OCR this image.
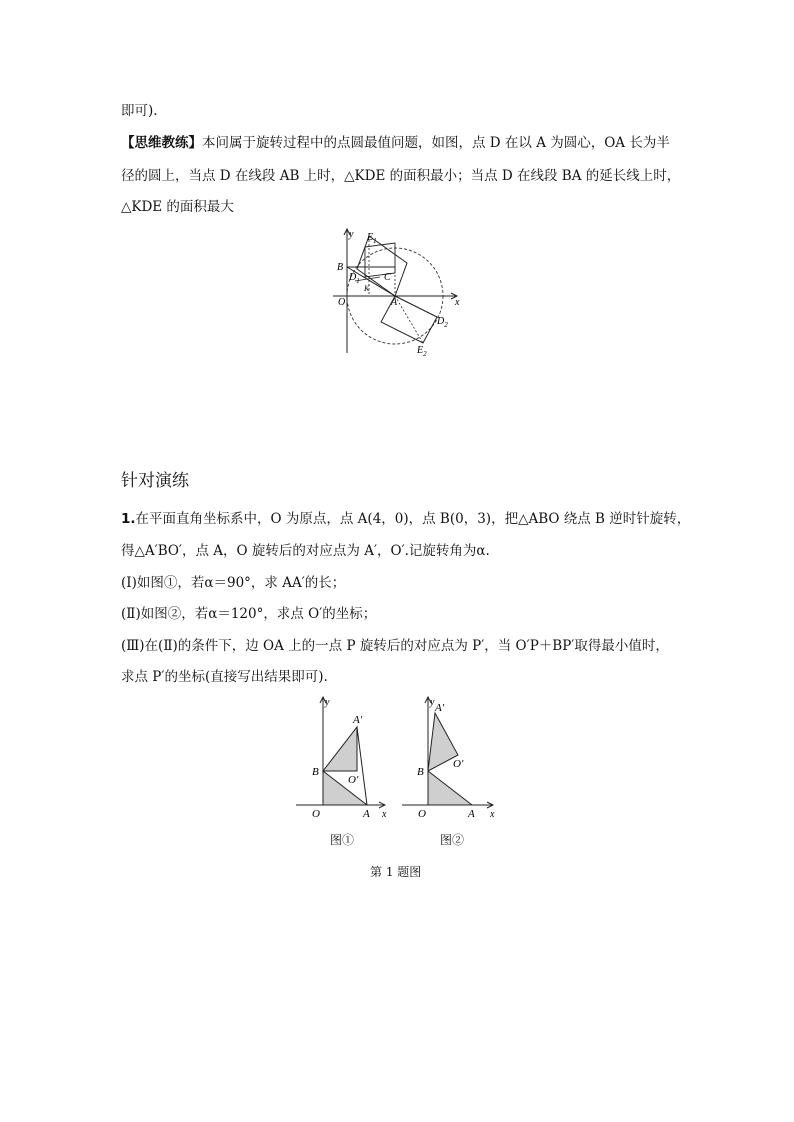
即可).
【思维教练】本问属于旋转过程中的点圆最值问题，如图，点 D 在以 A 为圆心，OA 长为半
径的圆上，当点 D 在线段 AB 上时，△KDE 的面积最小；当点 D 在线段 BA 的延长线上时，
△KDE 的面积最大
y
x
B
O	A
C
K
$D_1$
$E_1$
$D_2$
$E_2$
针对演练
1.在平面直角坐标系中，O 为原点，点 A(4，0)，点 B(0，3)，把△ABO 绕点 B 逆时针旋转，
得△A′BO′，点 A，O 旋转后的对应点为 A′，O′.记旋转角为α.
(Ⅰ)如图①，若α＝90°，求 AA′的长；
(Ⅱ)如图②，若α＝120°，求点 O′的坐标；
(Ⅲ)在(Ⅱ)的条件下，边 OA 上的一点 P 旋转后的对应点为 P′，当 O′P＋BP′取得最小值时，
求点 P′的坐标(直接写出结果即可).
y
x
B
O	A
A′
O′
y
x
B
O	A
A′
O′
图①	图②
第 1 题图
